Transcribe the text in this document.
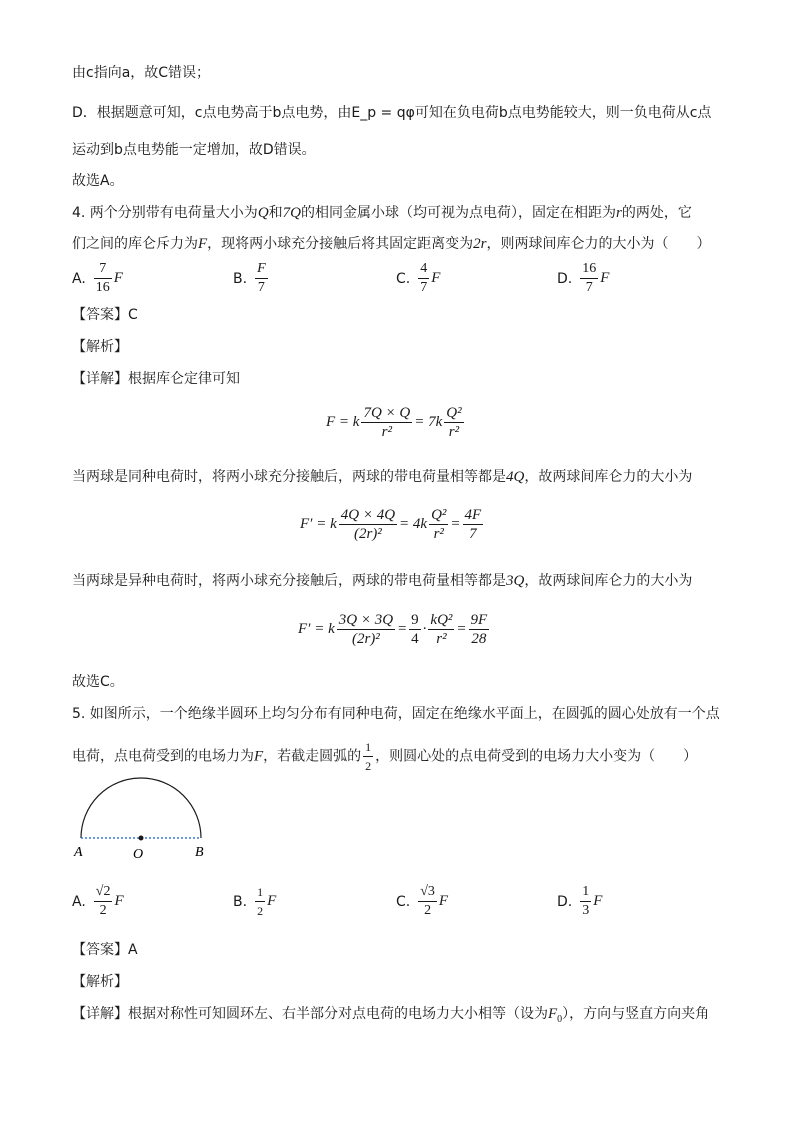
由c指向a，故C错误；
D．根据题意可知，c点电势高于b点电势，由E_p = qφ可知在负电荷b点电势能较大，则一负电荷从c点
运动到b点电势能一定增加，故D错误。
故选A。
4. 两个分别带有电荷量大小为Q和7Q的相同金属小球（均可视为点电荷），固定在相距为r的两处，它
们之间的库仑斥力为F，现将两小球充分接触后将其固定距离变为2r，则两球间库仑力的大小为（　　）
A. $\frac{7}{16}$ F	B. $\frac{F}{7}$	C. $\frac{4}{7}$ F	D. $\frac{16}{7}$ F
【答案】C
【解析】
【详解】根据库仑定律可知
F = k $\frac{7Q \times Q}{\text{r²}} = 7k \frac{\text{Q²}}{\text{r²}}$
当两球是同种电荷时，将两小球充分接触后，两球的带电荷量相等都是4Q，故两球间库仑力的大小为
F′ = k $\frac{4Q \times 4Q}{\text{(2r)²}} = 4k \frac{\text{Q²}}{\text{r²}} = \frac{4F}{7}$
当两球是异种电荷时，将两小球充分接触后，两球的带电荷量相等都是3Q，故两球间库仑力的大小为
F′ = k $\frac{3Q \times 3Q}{\text{(2r)²}} = \frac{9}{4} \cdot \frac{\text{kQ²}}{\text{r²}} = \frac{9F}{28}$
故选C。
5. 如图所示，一个绝缘半圆环上均匀分布有同种电荷，固定在绝缘水平面上，在圆弧的圆心处放有一个点
电荷，点电荷受到的电场力为F，若截走圆弧的 $\frac{1}{2}$ ，则圆心处的点电荷受到的电场力大小变为（　　）
A	O	B
A. $\frac{√2}{2}$ F	B. $\frac{1}{2}$ F	C. $\frac{√3}{2}$ F	D. $\frac{1}{3}$ F
【答案】A
【解析】
【详解】根据对称性可知圆环左、右半部分对点电荷的电场力大小相等（设为$F_0$），方向与竖直方向夹角
